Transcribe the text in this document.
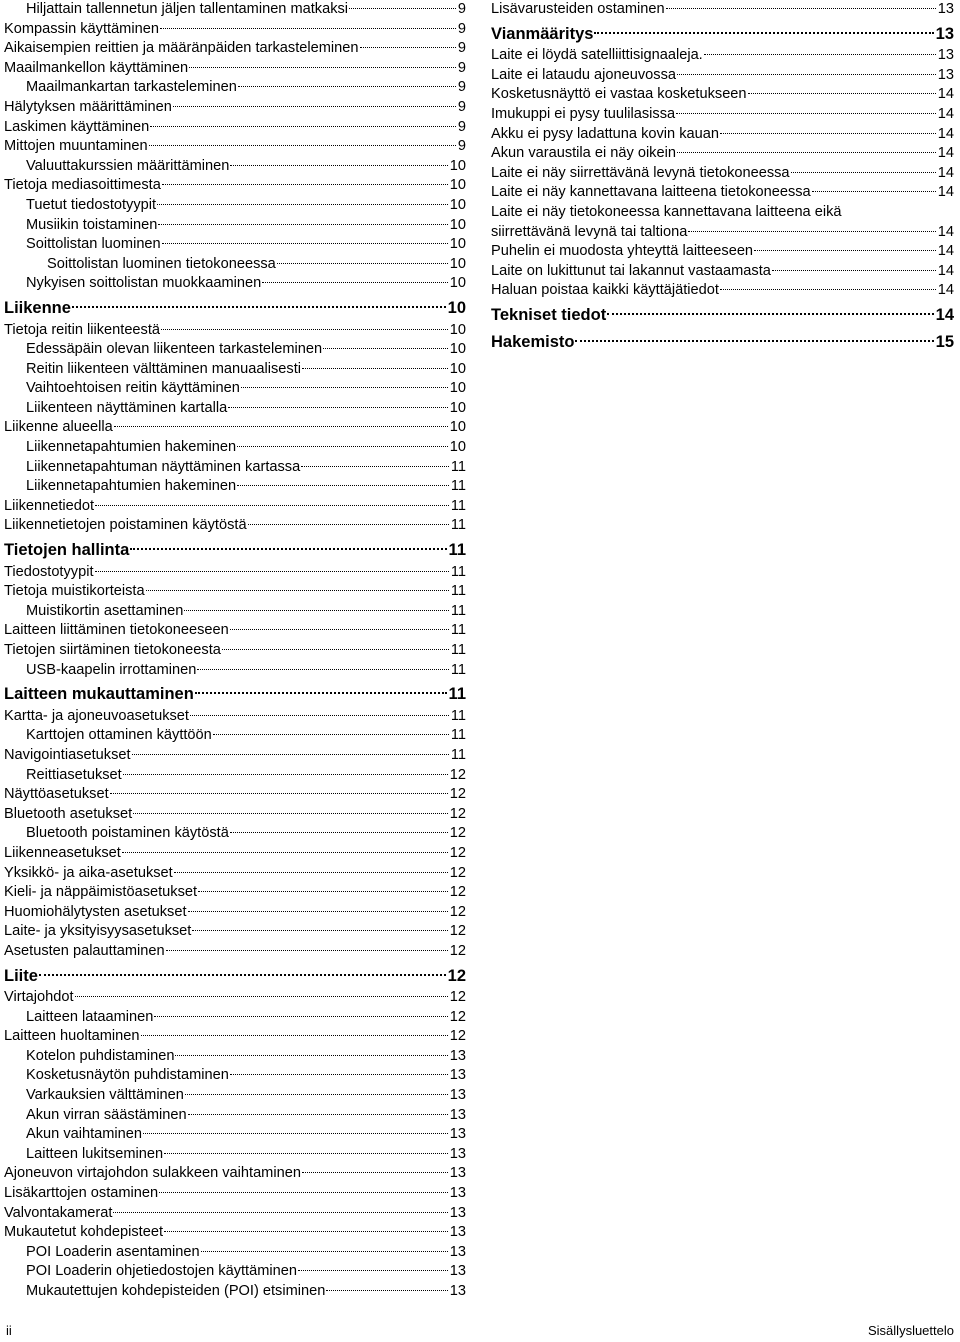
Hiljattain tallennetun jäljen tallentaminen matkaksi	9
Kompassin käyttäminen	9
Aikaisempien reittien ja määränpäiden tarkasteleminen	9
Maailmankellon käyttäminen	9
Maailmankartan tarkasteleminen	9
Hälytyksen määrittäminen	9
Laskimen käyttäminen	9
Mittojen muuntaminen	9
Valuuttakurssien määrittäminen	10
Tietoja mediasoittimesta	10
Tuetut tiedostotyypit	10
Musiikin toistaminen	10
Soittolistan luominen	10
Soittolistan luominen tietokoneessa	10
Nykyisen soittolistan muokkaaminen	10
Liikenne	10
Tietoja reitin liikenteestä	10
Edessäpäin olevan liikenteen tarkasteleminen	10
Reitin liikenteen välttäminen manuaalisesti	10
Vaihtoehtoisen reitin käyttäminen	10
Liikenteen näyttäminen kartalla	10
Liikenne alueella	10
Liikennetapahtumien hakeminen	10
Liikennetapahtuman näyttäminen kartassa	11
Liikennetapahtumien hakeminen	11
Liikennetiedot	11
Liikennetietojen poistaminen käytöstä	11
Tietojen hallinta	11
Tiedostotyypit	11
Tietoja muistikorteista	11
Muistikortin asettaminen	11
Laitteen liittäminen tietokoneeseen	11
Tietojen siirtäminen tietokoneesta	11
USB-kaapelin irrottaminen	11
Laitteen mukauttaminen	11
Kartta- ja ajoneuvoasetukset	11
Karttojen ottaminen käyttöön	11
Navigointiasetukset	11
Reittiasetukset	12
Näyttöasetukset	12
Bluetooth asetukset	12
Bluetooth poistaminen käytöstä	12
Liikenneasetukset	12
Yksikkö- ja aika-asetukset	12
Kieli- ja näppäimistöasetukset	12
Huomiohälytysten asetukset	12
Laite- ja yksityisyysasetukset	12
Asetusten palauttaminen	12
Liite	12
Virtajohdot	12
Laitteen lataaminen	12
Laitteen huoltaminen	12
Kotelon puhdistaminen	13
Kosketusnäytön puhdistaminen	13
Varkauksien välttäminen	13
Akun virran säästäminen	13
Akun vaihtaminen	13
Laitteen lukitseminen	13
Ajoneuvon virtajohdon sulakkeen vaihtaminen	13
Lisäkarttojen ostaminen	13
Valvontakamerat	13
Mukautetut kohdepisteet	13
POI Loaderin asentaminen	13
POI Loaderin ohjetiedostojen käyttäminen	13
Mukautettujen kohdepisteiden (POI) etsiminen	13
Lisävarusteiden ostaminen	13
Vianmääritys	13
Laite ei löydä satelliittisignaaleja.	13
Laite ei lataudu ajoneuvossa	13
Kosketusnäyttö ei vastaa kosketukseen	14
Imukuppi ei pysy tuulilasissa	14
Akku ei pysy ladattuna kovin kauan	14
Akun varaustila ei näy oikein	14
Laite ei näy siirrettävänä levynä tietokoneessa	14
Laite ei näy kannettavana laitteena tietokoneessa	14
Laite ei näy tietokoneessa kannettavana laitteena eikä
siirrettävänä levynä tai taltiona	14
Puhelin ei muodosta yhteyttä laitteeseen	14
Laite on lukittunut tai lakannut vastaamasta	14
Haluan poistaa kaikki käyttäjätiedot	14
Tekniset tiedot	14
Hakemisto	15
ii	Sisällysluettelo
